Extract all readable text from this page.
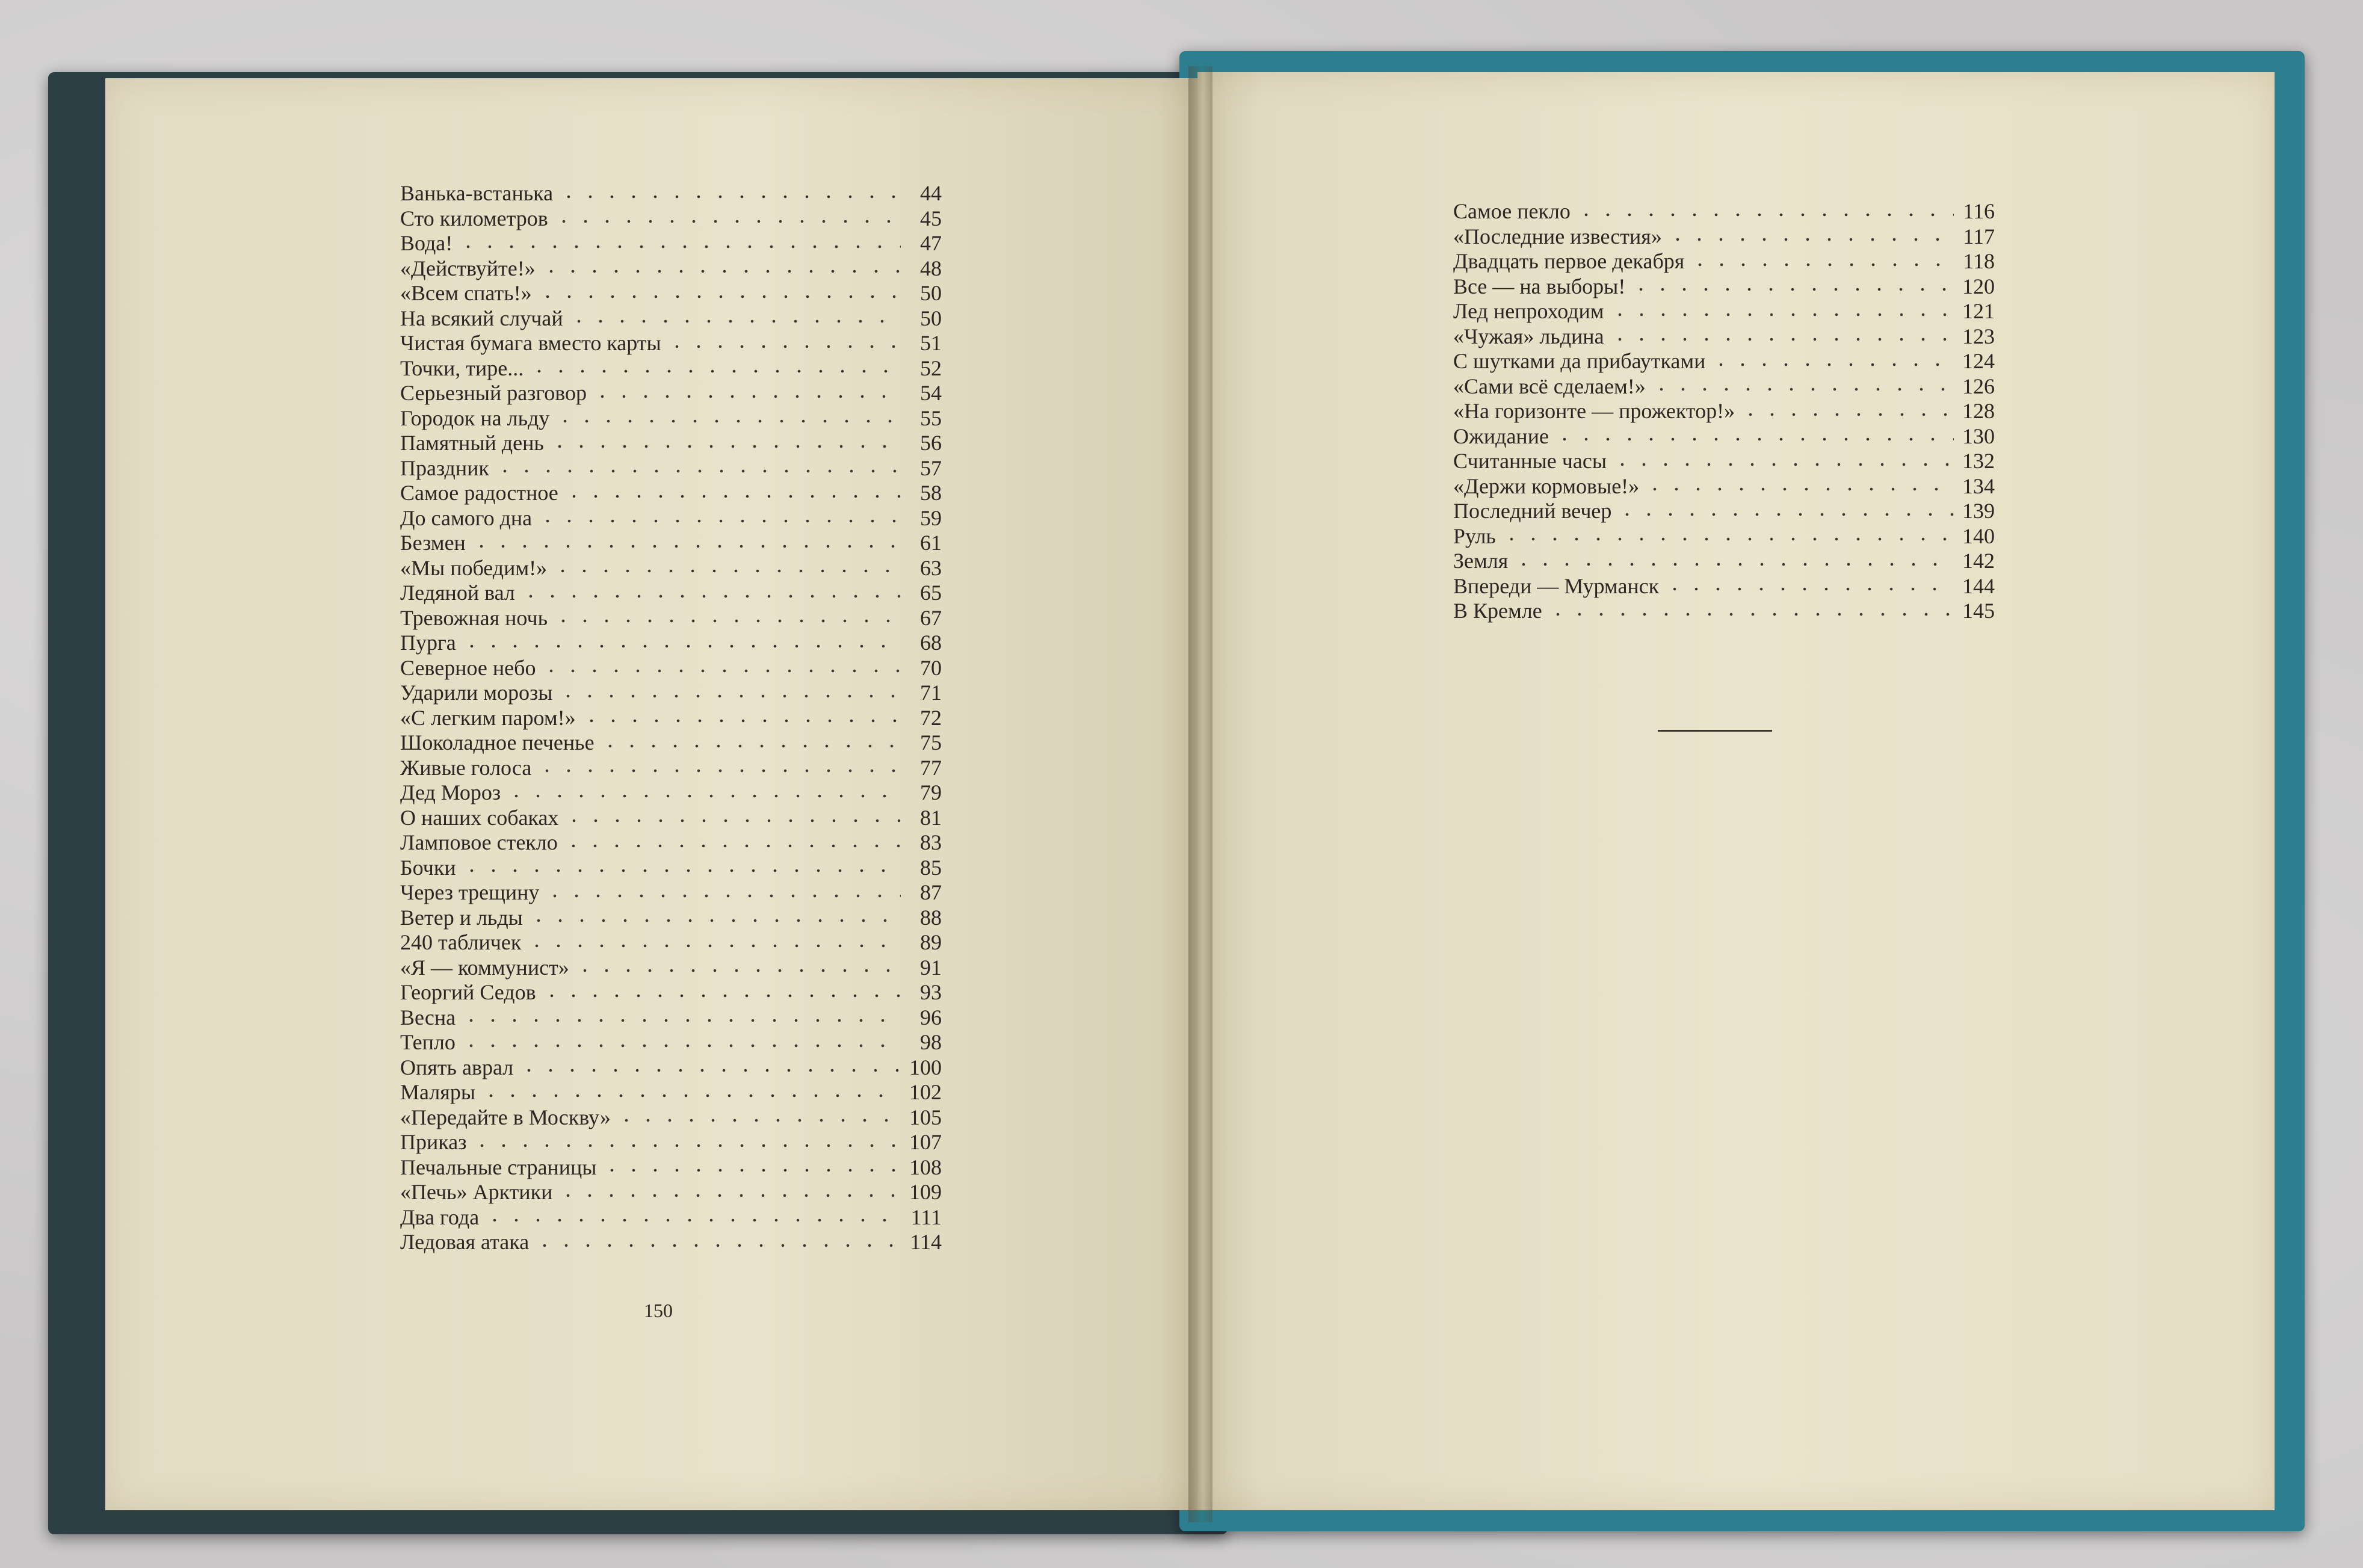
Ванька-встанька	44
Сто километров	45
Вода!	47
«Действуйте!»	48
«Всем спать!»	50
На всякий случай	50
Чистая бумага вместо карты	51
Точки, тире...	52
Серьезный разговор	54
Городок на льду	55
Памятный день	56
Праздник	57
Самое радостное	58
До самого дна	59
Безмен	61
«Мы победим!»	63
Ледяной вал	65
Тревожная ночь	67
Пурга	68
Северное небо	70
Ударили морозы	71
«С легким паром!»	72
Шоколадное печенье	75
Живые голоса	77
Дед Мороз	79
О наших собаках	81
Ламповое стекло	83
Бочки	85
Через трещину	87
Ветер и льды	88
240 табличек	89
«Я — коммунист»	91
Георгий Седов	93
Весна	96
Тепло	98
Опять аврал	100
Маляры	102
«Передайте в Москву»	105
Приказ	107
Печальные страницы	108
«Печь» Арктики	109
Два года	111
Ледовая атака	114
Самое пекло	116
«Последние известия»	117
Двадцать первое декабря	118
Все — на выборы!	120
Лед непроходим	121
«Чужая» льдина	123
С шутками да прибаутками	124
«Сами всё сделаем!»	126
«На горизонте — прожектор!»	128
Ожидание	130
Считанные часы	132
«Держи кормовые!»	134
Последний вечер	139
Руль	140
Земля	142
Впереди — Мурманск	144
В Кремле	145
150
